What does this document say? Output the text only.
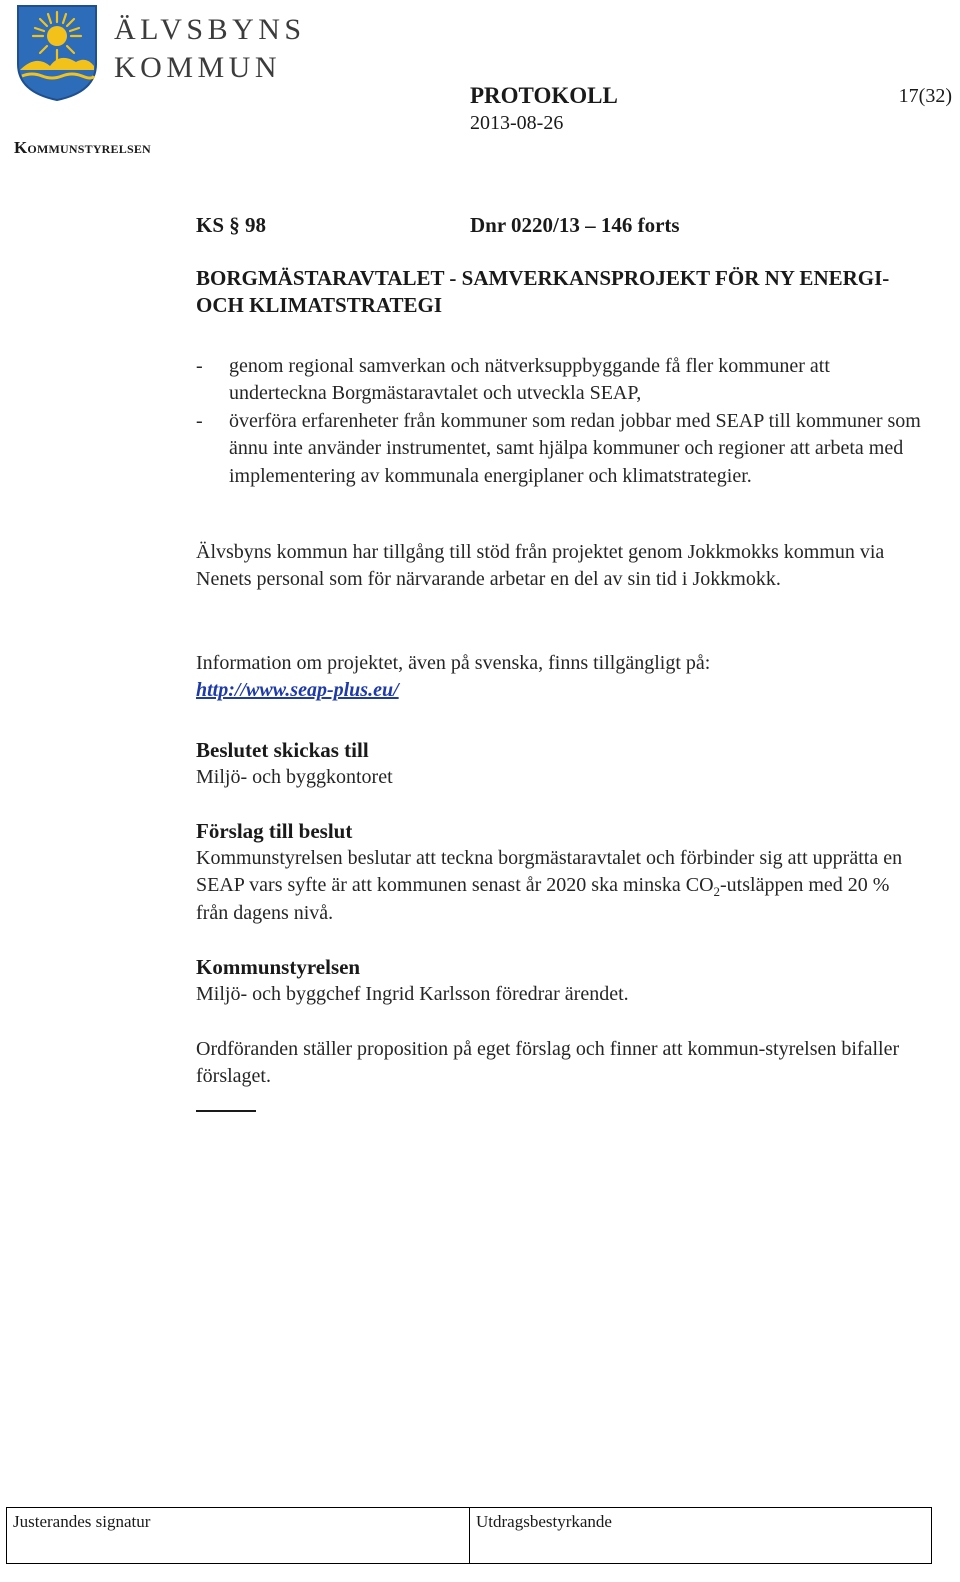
ÄLVSBYNS
KOMMUN
PROTOKOLL
2013-08-26
17(32)
Kommunstyrelsen
KS § 98	Dnr 0220/13 – 146 forts
BORGMÄSTARAVTALET - SAMVERKANSPROJEKT FÖR NY ENERGI- OCH KLIMATSTRATEGI
- genom regional samverkan och nätverksuppbyggande få fler kommuner att underteckna Borgmästaravtalet och utveckla SEAP,
- överföra erfarenheter från kommuner som redan jobbar med SEAP till kommuner som ännu inte använder instrumentet, samt hjälpa kommuner och regioner att arbeta med implementering av kommunala energiplaner och klimatstrategier.
Älvsbyns kommun har tillgång till stöd från projektet genom Jokkmokks kommun via Nenets personal som för närvarande arbetar en del av sin tid i Jokkmokk.
Information om projektet, även på svenska, finns tillgängligt på:
http://www.seap-plus.eu/
Beslutet skickas till
Miljö- och byggkontoret
Förslag till beslut
Kommunstyrelsen beslutar att teckna borgmästaravtalet och förbinder sig att upprätta en SEAP vars syfte är att kommunen senast år 2020 ska minska $CO_2$-utsläppen med 20 % från dagens nivå.
Kommunstyrelsen
Miljö- och byggchef Ingrid Karlsson föredrar ärendet.
Ordföranden ställer proposition på eget förslag och finner att kommun-styrelsen bifaller förslaget.
Justerandes signatur	Utdragsbestyrkande
